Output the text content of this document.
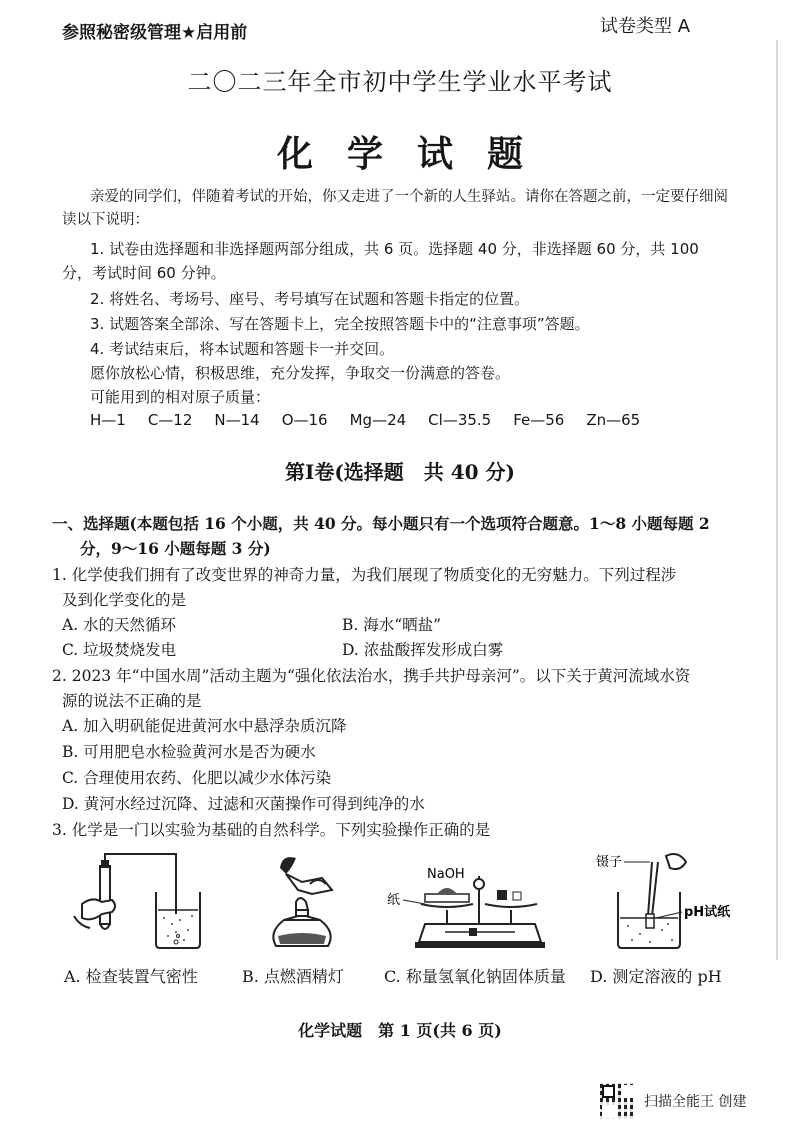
参照秘密级管理★启用前	试卷类型 A
二〇二三年全市初中学生学业水平考试
化学试题
亲爱的同学们，伴随着考试的开始，你又走进了一个新的人生驿站。请你在答题之前，一定要仔细阅读以下说明：
1. 试卷由选择题和非选择题两部分组成，共 6 页。选择题 40 分，非选择题 60 分，共 100
分，考试时间 60 分钟。
2. 将姓名、考场号、座号、考号填写在试题和答题卡指定的位置。
3. 试题答案全部涂、写在答题卡上，完全按照答题卡中的“注意事项”答题。
4. 考试结束后，将本试题和答题卡一并交回。
愿你放松心情，积极思维，充分发挥，争取交一份满意的答卷。
可能用到的相对原子质量：
H—1 C—12 N—14 O—16 Mg—24 Cl—35.5 Fe—56 Zn—65
第Ⅰ卷(选择题　共 40 分)
一、选择题(本题包括 16 个小题，共 40 分。每小题只有一个选项符合题意。1～8 小题每题 2
分，9～16 小题每题 3 分)
1. 化学使我们拥有了改变世界的神奇力量，为我们展现了物质变化的无穷魅力。下列过程涉
及到化学变化的是
A. 水的天然循环	B. 海水“晒盐”
C. 垃圾焚烧发电	D. 浓盐酸挥发形成白雾
2. 2023 年“中国水周”活动主题为“强化依法治水，携手共护母亲河”。以下关于黄河流域水资
源的说法不正确的是
A. 加入明矾能促进黄河水中悬浮杂质沉降
B. 可用肥皂水检验黄河水是否为硬水
C. 合理使用农药、化肥以减少水体污染
D. 黄河水经过沉降、过滤和灭菌操作可得到纯净的水
3. 化学是一门以实验为基础的自然科学。下列实验操作正确的是
NaOH
纸
镊子
pH试纸
A. 检查装置气密性	B. 点燃酒精灯	C. 称量氢氧化钠固体质量 D. 测定溶液的 pH
化学试题　第 1 页(共 6 页)
扫描全能王 创建
